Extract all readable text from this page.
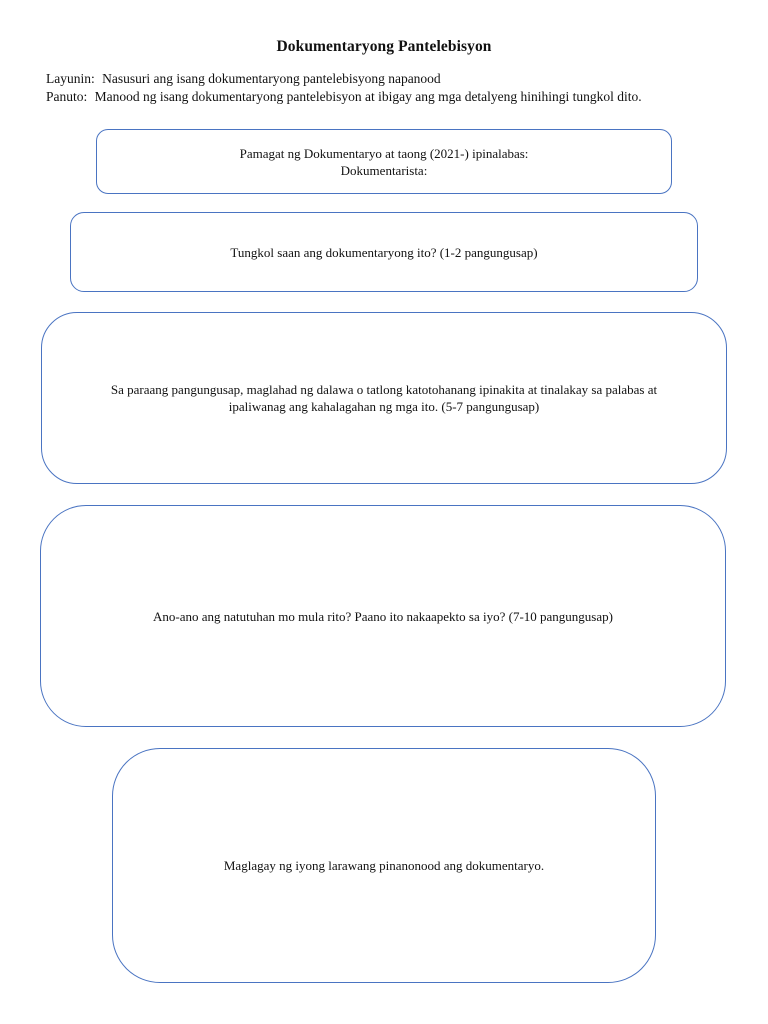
Dokumentaryong Pantelebisyon
Layunin: Nasusuri ang isang dokumentaryong pantelebisyong napanood
Panuto: Manood ng isang dokumentaryong pantelebisyon at ibigay ang mga detalyeng hinihingi tungkol dito.
Pamagat ng Dokumentaryo at taong (2021-) ipinalabas:
Dokumentarista:
Tungkol saan ang dokumentaryong ito? (1-2 pangungusap)
Sa paraang pangungusap, maglahad ng dalawa o tatlong katotohanang ipinakita at tinalakay sa palabas at
ipaliwanag ang kahalagahan ng mga ito. (5-7 pangungusap)
Ano-ano ang natutuhan mo mula rito? Paano ito nakaapekto sa iyo? (7-10 pangungusap)
Maglagay ng iyong larawang pinanonood ang dokumentaryo.
